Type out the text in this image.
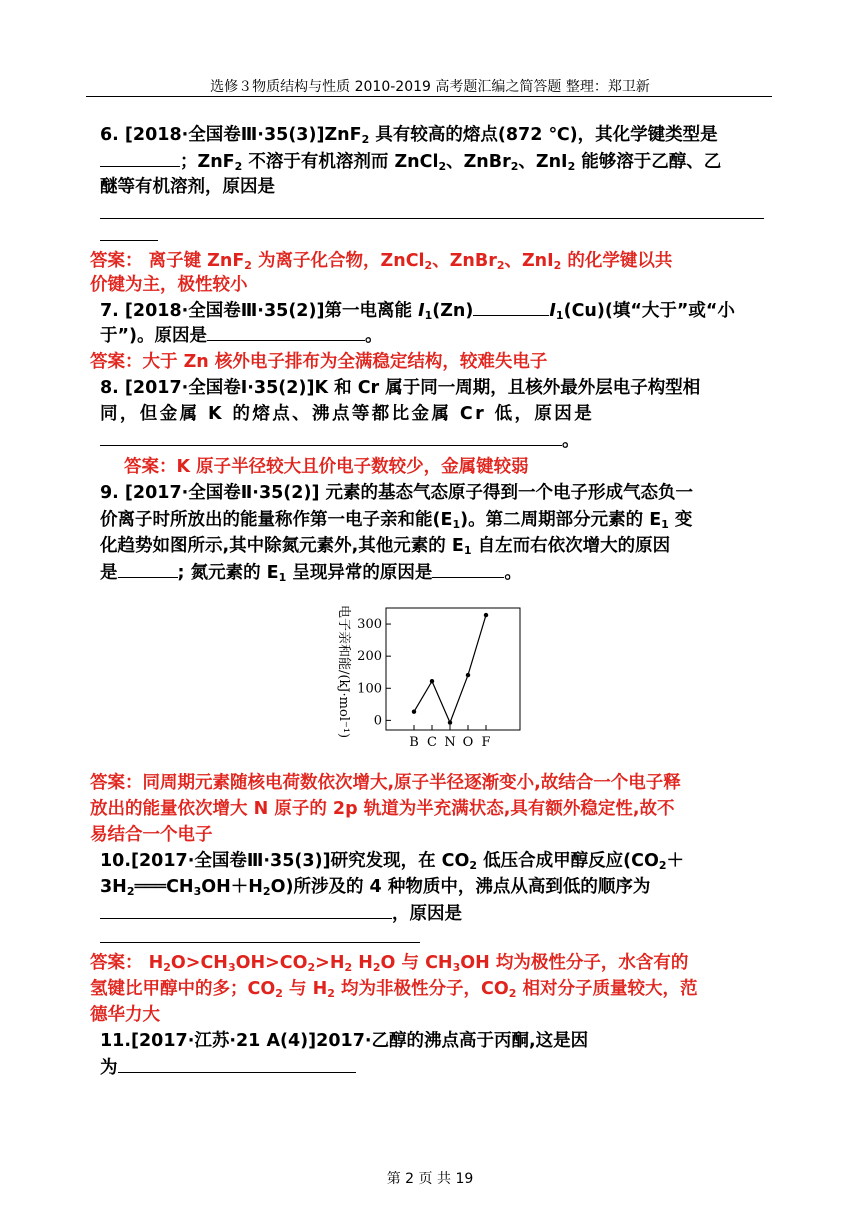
选修３物质结构与性质 2010-2019 高考题汇编之简答题 整理：郑卫新
6. [2018·全国卷Ⅲ·35(3)]ZnF$_2$ 具有较高的熔点(872 ℃)，其化学键类型是
；ZnF$_2$ 不溶于有机溶剂而 ZnCl$_2$、ZnBr$_2$、ZnI$_2$ 能够溶于乙醇、乙
醚等有机溶剂，原因是
答案： 离子键 ZnF$_2$ 为离子化合物，ZnCl$_2$、ZnBr$_2$、ZnI$_2$ 的化学键以共
价键为主，极性较小
7. [2018·全国卷Ⅲ·35(2)]第一电离能 $I_1(Zn)$	$I_1(Cu)$(填“大于”或“小
于”)。原因是	。
答案：大于 Zn 核外电子排布为全满稳定结构，较难失电子
8. [2017·全国卷Ⅰ·35(2)]K 和 Cr 属于同一周期，且核外最外层电子构型相
同，但金属 K 的熔点、沸点等都比金属 Cr 低，原因是
。
答案：K 原子半径较大且价电子数较少，金属键较弱
9. [2017·全国卷Ⅱ·35(2)] 元素的基态气态原子得到一个电子形成气态负一
价离子时所放出的能量称作第一电子亲和能$(E_1)$。第二周期部分元素的 $E_1$ 变
化趋势如图所示,其中除氮元素外,其他元素的 $E_1$ 自左而右依次增大的原因
是	; 氮元素的 $E_1$ 呈现异常的原因是	。
电子亲和能/(kJ·mol⁻¹) 300
200
100
0
B C N O F
答案：同周期元素随核电荷数依次增大,原子半径逐渐变小,故结合一个电子释
放出的能量依次增大 N 原子的 2p 轨道为半充满状态,具有额外稳定性,故不
易结合一个电子
10.[2017·全国卷Ⅲ·35(3)]研究发现，在 $CO_2$ 低压合成甲醇反应($CO_2+$
$3H_2═══CH_3OH+H_2O$)所涉及的 4 种物质中，沸点从高到低的顺序为
，原因是
答案： $H_2O>CH_3OH>CO_2>H_2$ $H_2O$ 与 $CH_3OH$ 均为极性分子，水含有的
氢键比甲醇中的多；$CO_2$ 与 $H_2$ 均为非极性分子，$CO_2$ 相对分子质量较大，范
德华力大
11.[2017·江苏·21 A(4)]2017·乙醇的沸点高于丙酮,这是因
为
第 2 页 共 19
